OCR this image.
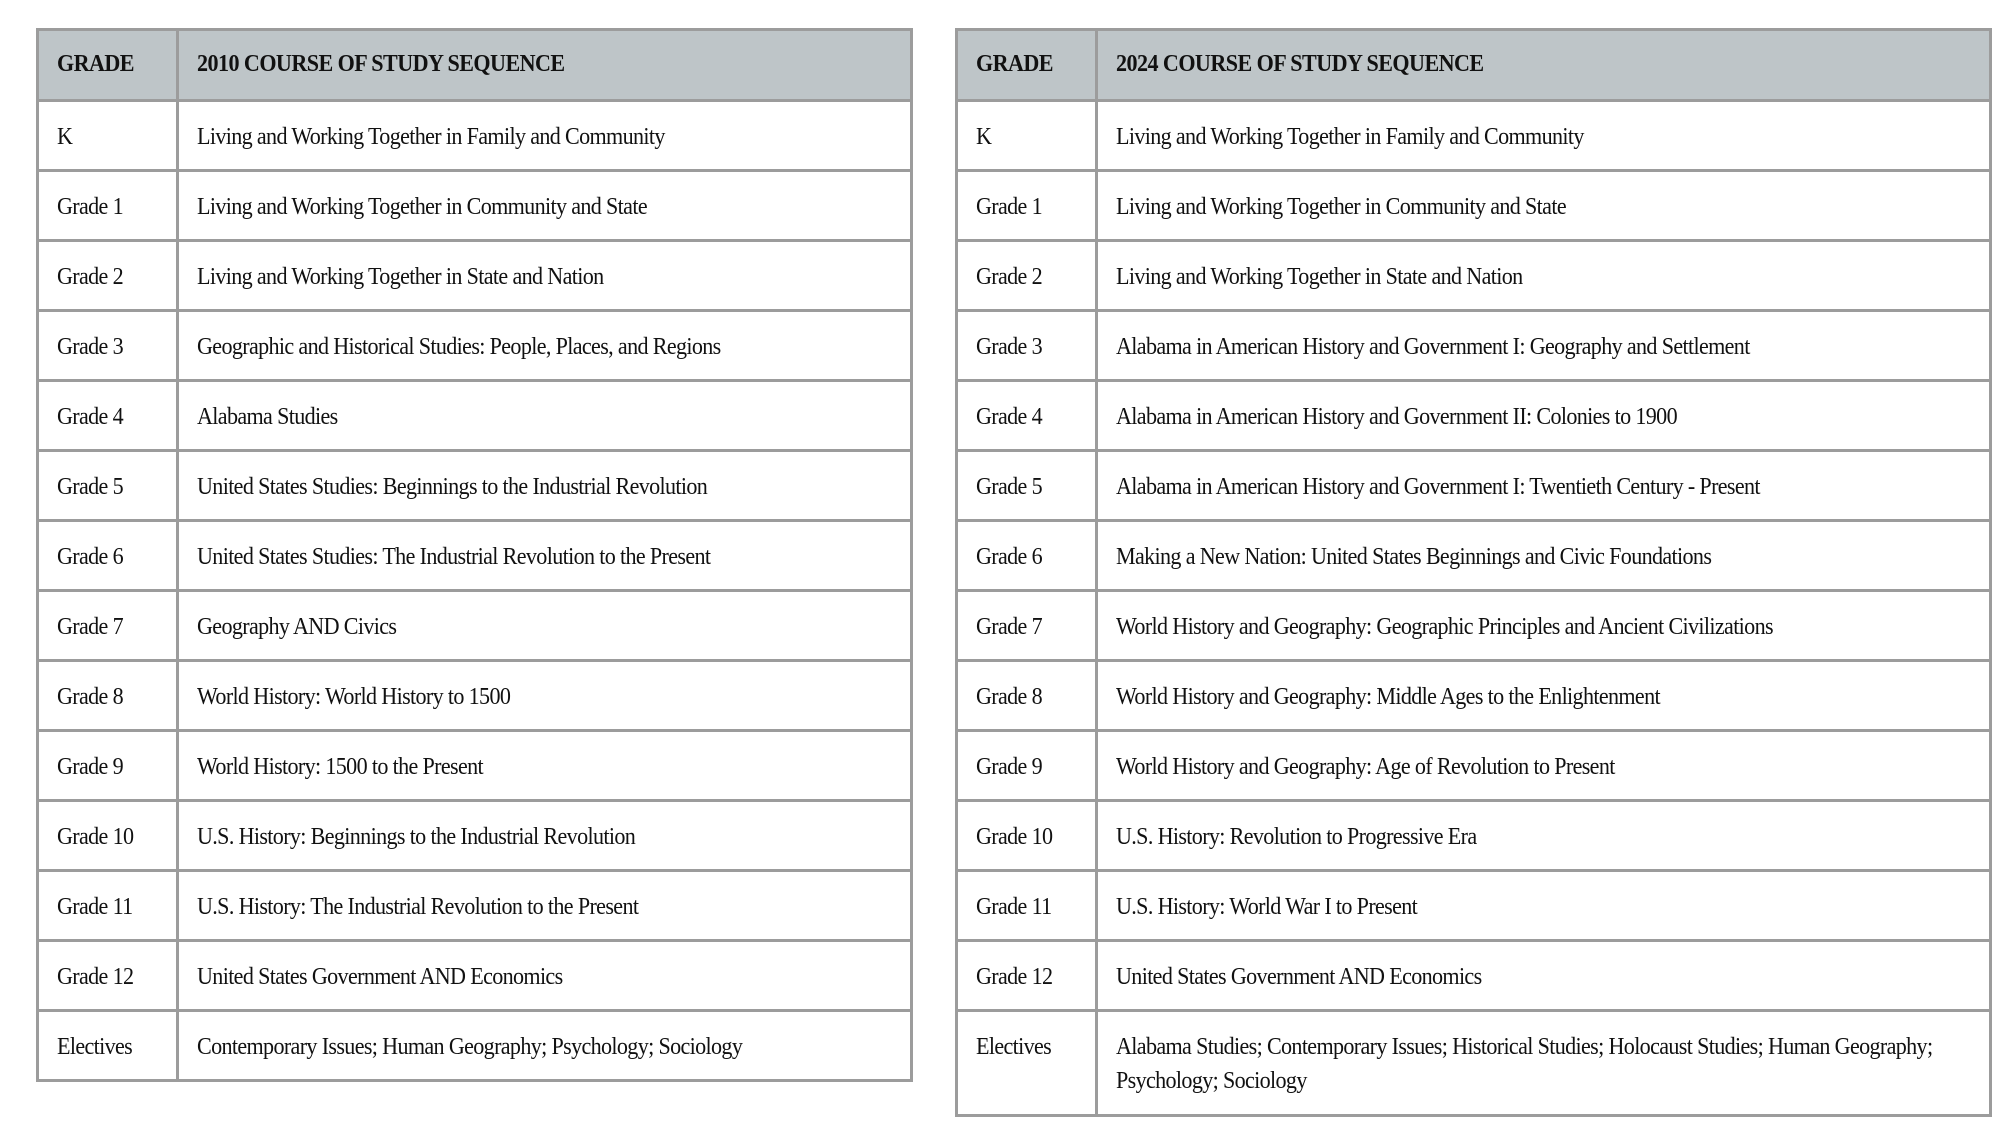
GRADE	2010 COURSE OF STUDY SEQUENCE
K	Living and Working Together in Family and Community
Grade 1	Living and Working Together in Community and State
Grade 2	Living and Working Together in State and Nation
Grade 3	Geographic and Historical Studies: People, Places, and Regions
Grade 4	Alabama Studies
Grade 5	United States Studies: Beginnings to the Industrial Revolution
Grade 6	United States Studies: The Industrial Revolution to the Present
Grade 7	Geography AND Civics
Grade 8	World History: World History to 1500
Grade 9	World History: 1500 to the Present
Grade 10	U.S. History: Beginnings to the Industrial Revolution
Grade 11	U.S. History: The Industrial Revolution to the Present
Grade 12	United States Government AND Economics
Electives	Contemporary Issues; Human Geography; Psychology; Sociology
GRADE	2024 COURSE OF STUDY SEQUENCE
K	Living and Working Together in Family and Community
Grade 1	Living and Working Together in Community and State
Grade 2	Living and Working Together in State and Nation
Grade 3	Alabama in American History and Government I: Geography and Settlement
Grade 4	Alabama in American History and Government II: Colonies to 1900
Grade 5	Alabama in American History and Government I: Twentieth Century - Present
Grade 6	Making a New Nation: United States Beginnings and Civic Foundations
Grade 7	World History and Geography: Geographic Principles and Ancient Civilizations
Grade 8	World History and Geography: Middle Ages to the Enlightenment
Grade 9	World History and Geography: Age of Revolution to Present
Grade 10	U.S. History: Revolution to Progressive Era
Grade 11	U.S. History: World War I to Present
Grade 12	United States Government AND Economics
Electives	Alabama Studies; Contemporary Issues; Historical Studies; Holocaust Studies; Human Geography; Psychology; Sociology
